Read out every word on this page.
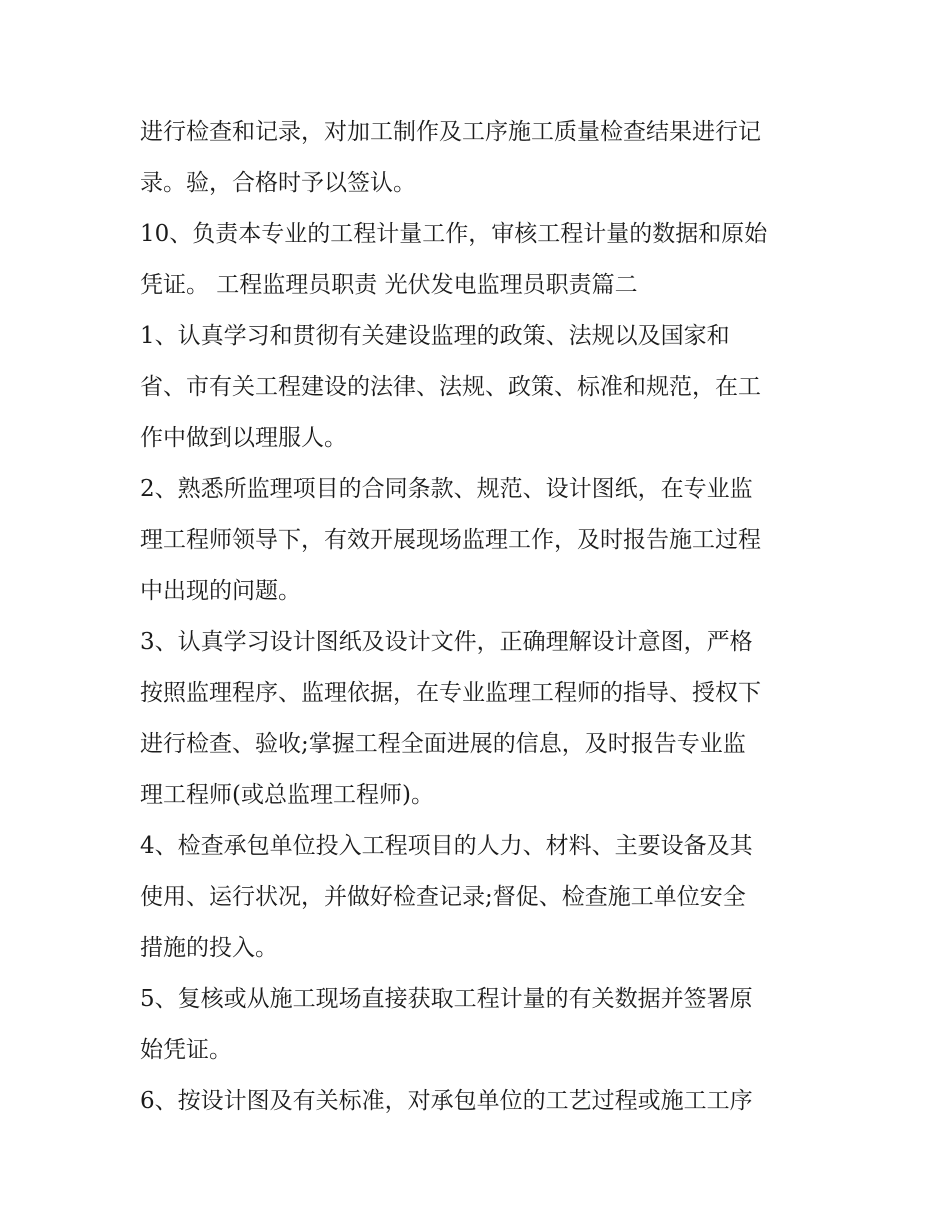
进行检查和记录，对加工制作及工序施工质量检查结果进行记
录。验，合格时予以签认。
10、负责本专业的工程计量工作，审核工程计量的数据和原始
凭证。 工程监理员职责 光伏发电监理员职责篇二
1、认真学习和贯彻有关建设监理的政策、法规以及国家和
省、市有关工程建设的法律、法规、政策、标准和规范，在工
作中做到以理服人。
2、熟悉所监理项目的合同条款、规范、设计图纸，在专业监
理工程师领导下，有效开展现场监理工作，及时报告施工过程
中出现的问题。
3、认真学习设计图纸及设计文件，正确理解设计意图，严格
按照监理程序、监理依据，在专业监理工程师的指导、授权下
进行检查、验收;掌握工程全面进展的信息，及时报告专业监
理工程师(或总监理工程师)。
4、检查承包单位投入工程项目的人力、材料、主要设备及其
使用、运行状况，并做好检查记录;督促、检查施工单位安全
措施的投入。
5、复核或从施工现场直接获取工程计量的有关数据并签署原
始凭证。
6、按设计图及有关标准，对承包单位的工艺过程或施工工序
